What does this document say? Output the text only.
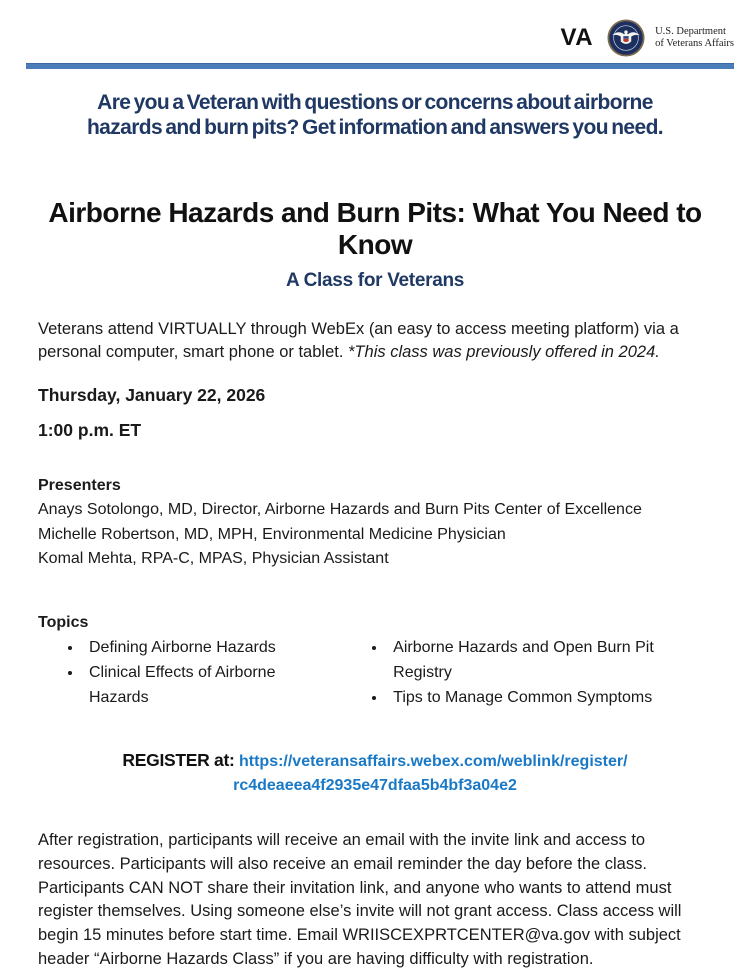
VA	U.S. Department
of Veterans Affairs
Are you a Veteran with questions or concerns about airborne
hazards and burn pits? Get information and answers you need.
Airborne Hazards and Burn Pits: What You Need to Know
A Class for Veterans

Veterans attend VIRTUALLY through WebEx (an easy to access meeting platform) via a personal computer, smart phone or tablet. *This class was previously offered in 2024.

Thursday, January 22, 2026
1:00 p.m. ET
Presenters
Anays Sotolongo, MD, Director, Airborne Hazards and Burn Pits Center of Excellence
Michelle Robertson, MD, MPH, Environmental Medicine Physician
Komal Mehta, RPA-C, MPAS, Physician Assistant
Topics
• Defining Airborne Hazards
• Clinical Effects of Airborne Hazards
• Airborne Hazards and Open Burn Pit Registry
• Tips to Manage Common Symptoms
REGISTER at: https://veteransaffairs.webex.com/weblink/register/
rc4deaeea4f2935e47dfaa5b4bf3a04e2

After registration, participants will receive an email with the invite link and access to resources. Participants will also receive an email reminder the day before the class. Participants CAN NOT share their invitation link, and anyone who wants to attend must register themselves. Using someone else’s invite will not grant access. Class access will begin 15 minutes before start time. Email WRIISCEXPRTCENTER@va.gov with subject header “Airborne Hazards Class” if you are having difficulty with registration.
